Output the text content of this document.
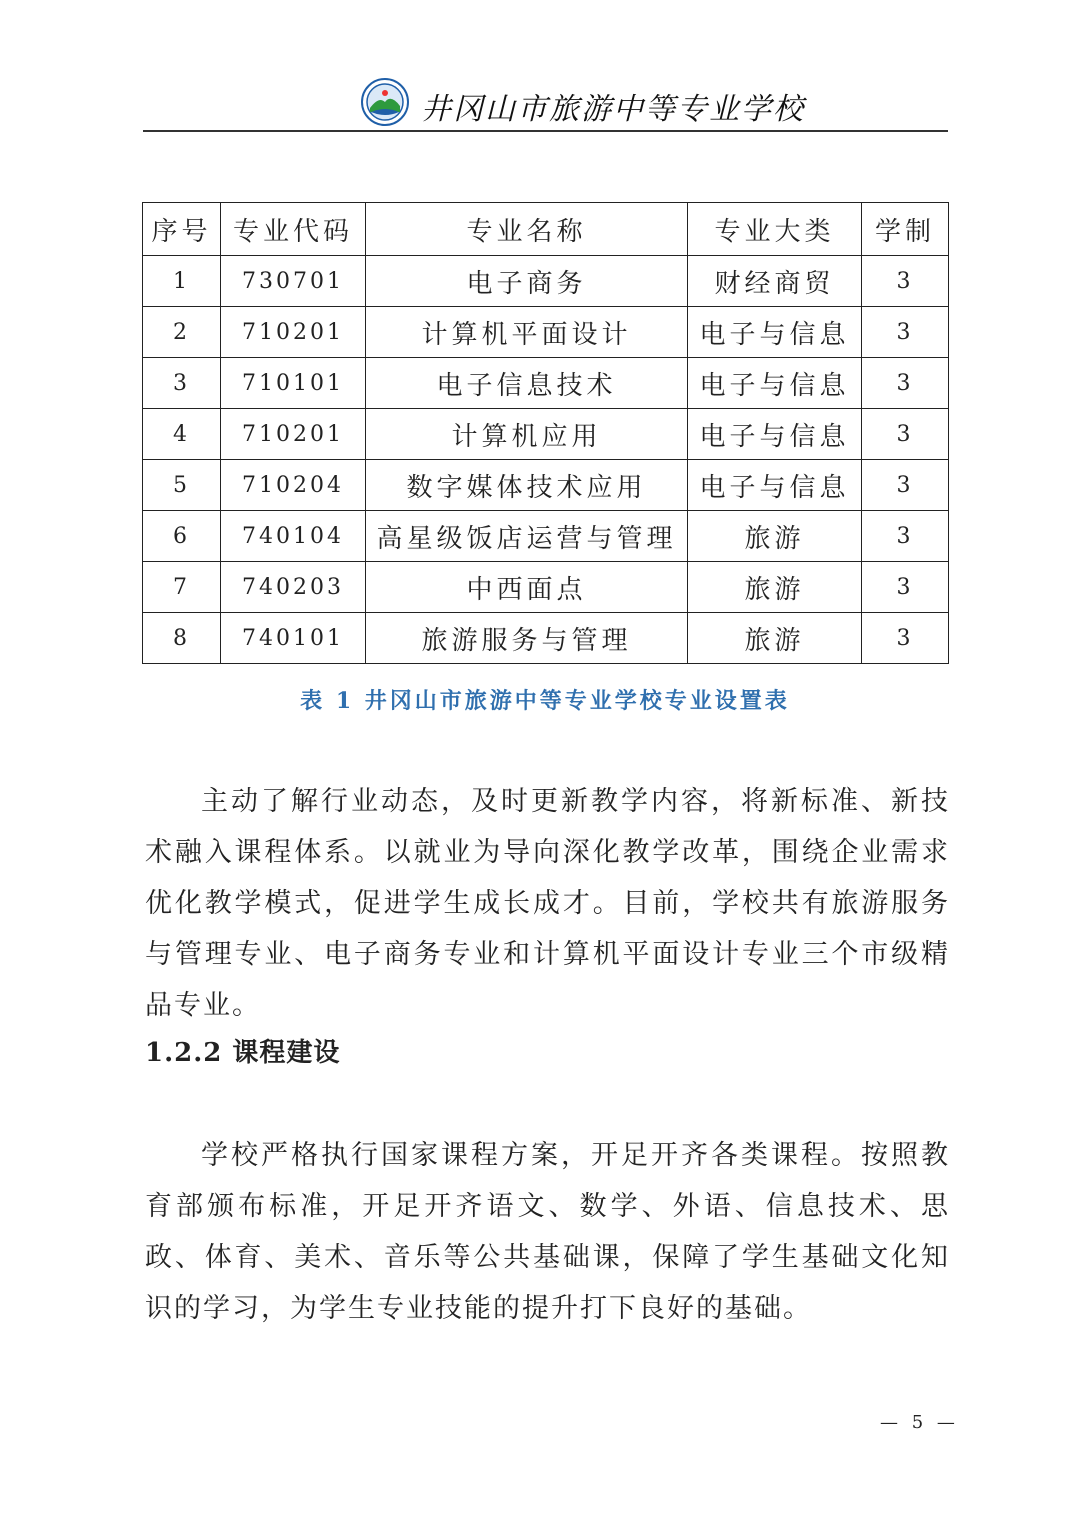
井冈山市旅游中等专业学校
序号	专业代码	专业名称	专业大类	学制
1	730701	电子商务	财经商贸	3
2	710201	计算机平面设计	电子与信息	3
3	710101	电子信息技术	电子与信息	3
4	710201	计算机应用	电子与信息	3
5	710204	数字媒体技术应用	电子与信息	3
6	740104	高星级饭店运营与管理	旅游	3
7	740203	中西面点	旅游	3
8	740101	旅游服务与管理	旅游	3
表 1 井冈山市旅游中等专业学校专业设置表

主动了解行业动态，及时更新教学内容，将新标准、新技术融入课程体系。以就业为导向深化教学改革，围绕企业需求优化教学模式，促进学生成长成才。目前，学校共有旅游服务与管理专业、电子商务专业和计算机平面设计专业三个市级精品专业。

1.2.2 课程建设

学校严格执行国家课程方案，开足开齐各类课程。按照教育部颁布标准，开足开齐语文、数学、外语、信息技术、思政、体育、美术、音乐等公共基础课，保障了学生基础文化知识的学习，为学生专业技能的提升打下良好的基础。

— 5 —
